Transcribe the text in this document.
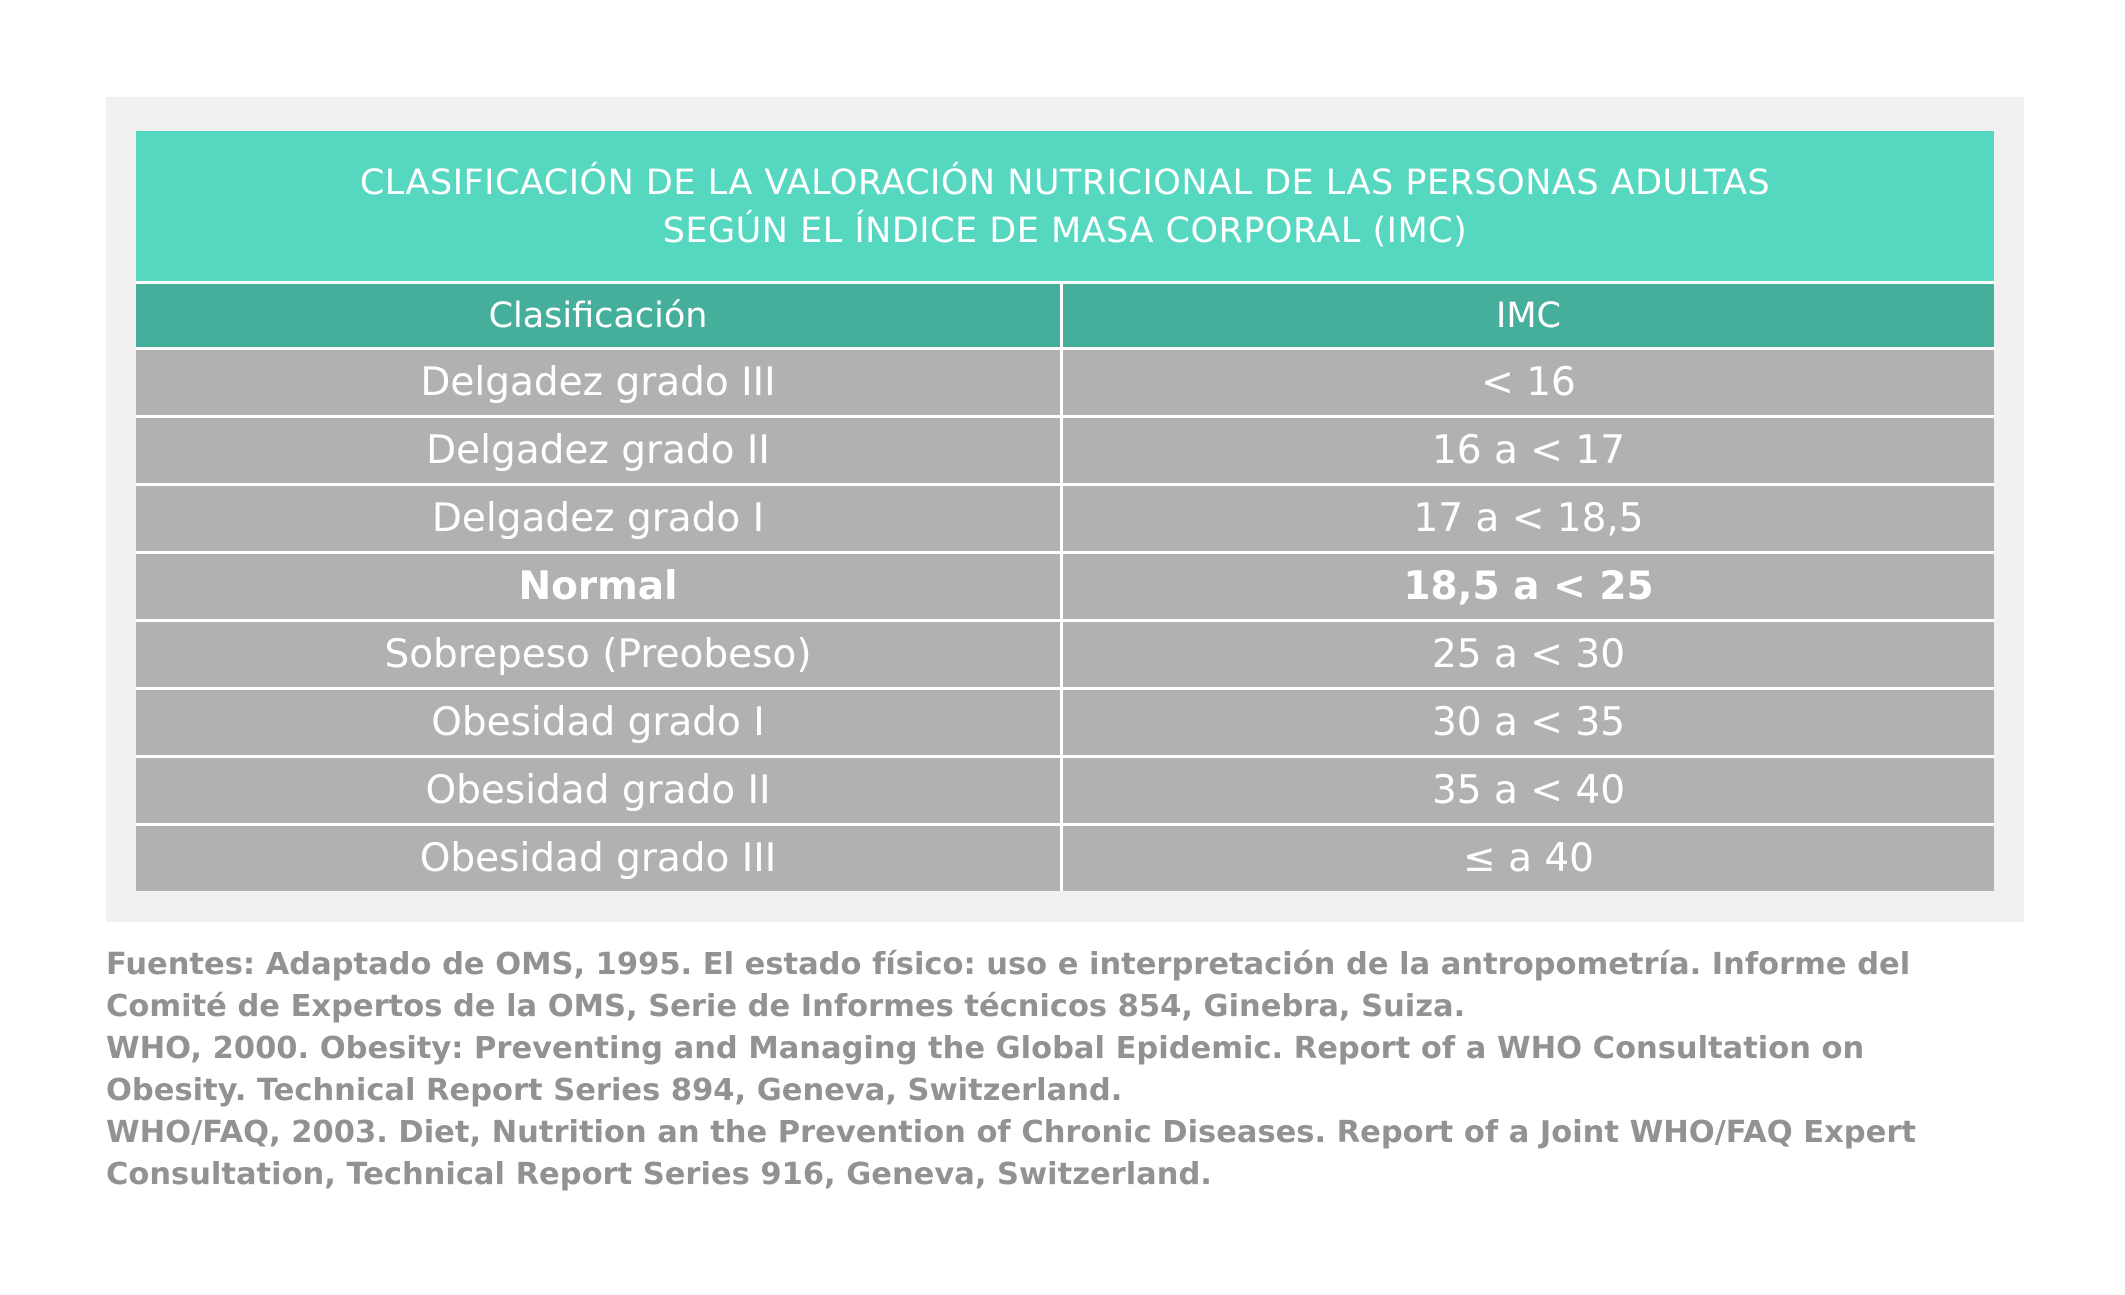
CLASIFICACIÓN DE LA VALORACIÓN NUTRICIONAL DE LAS PERSONAS ADULTAS
SEGÚN EL ÍNDICE DE MASA CORPORAL (IMC)
Clasificación	IMC
Delgadez grado III	< 16
Delgadez grado II	16 a < 17
Delgadez grado I	17 a < 18,5
Normal	18,5 a < 25
Sobrepeso (Preobeso)	25 a < 30
Obesidad grado I	30 a < 35
Obesidad grado II	35 a < 40
Obesidad grado III	≤ a 40

Fuentes: Adaptado de OMS, 1995. El estado físico: uso e interpretación de la antropometría. Informe del

Comité de Expertos de la OMS, Serie de Informes técnicos 854, Ginebra, Suiza.

WHO, 2000. Obesity: Preventing and Managing the Global Epidemic. Report of a WHO Consultation on

Obesity. Technical Report Series 894, Geneva, Switzerland.

WHO/FAQ, 2003. Diet, Nutrition an the Prevention of Chronic Diseases. Report of a Joint WHO/FAQ Expert

Consultation, Technical Report Series 916, Geneva, Switzerland.
